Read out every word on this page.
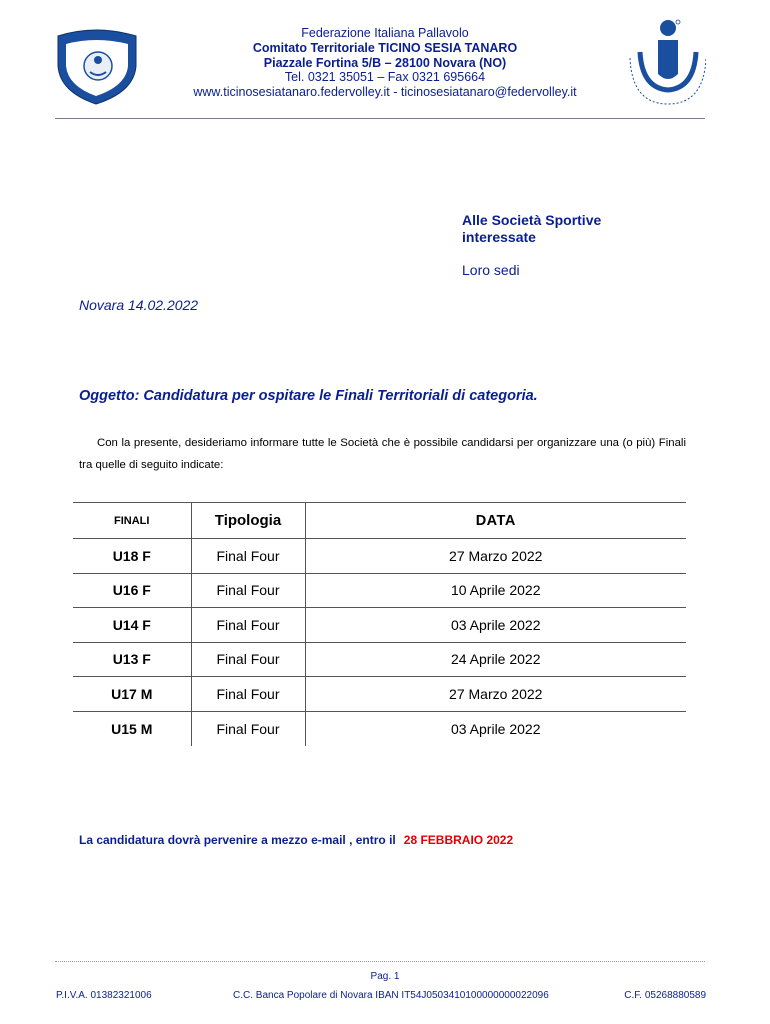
Federazione Italiana Pallavolo
Comitato Territoriale TICINO SESIA TANARO
Piazzale Fortina 5/B – 28100 Novara (NO)
Tel. 0321 35051 – Fax 0321 695664
www.ticinosesiatanaro.federvolley.it - ticinosesiatanaro@federvolley.it
Alle Società Sportive
interessate
Loro sedi
Novara 14.02.2022
Oggetto: Candidatura per ospitare le Finali Territoriali di categoria.
Con la presente, desideriamo informare tutte le Società che è possibile candidarsi per organizzare una (o più) Finali tra quelle di seguito indicate:
FINALI	Tipologia	DATA
U18 F	Final Four	27 Marzo 2022
U16 F	Final Four	10 Aprile 2022
U14 F	Final Four	03 Aprile 2022
U13 F	Final Four	24 Aprile 2022
U17 M	Final Four	27 Marzo 2022
U15 M	Final Four	03 Aprile 2022
La candidatura dovrà pervenire a mezzo e-mail , entro il 28 FEBBRAIO 2022
Pag. 1
P.I.V.A. 01382321006	C.C. Banca Popolare di Novara IBAN IT54J0503410100000000022096	C.F. 05268880589
